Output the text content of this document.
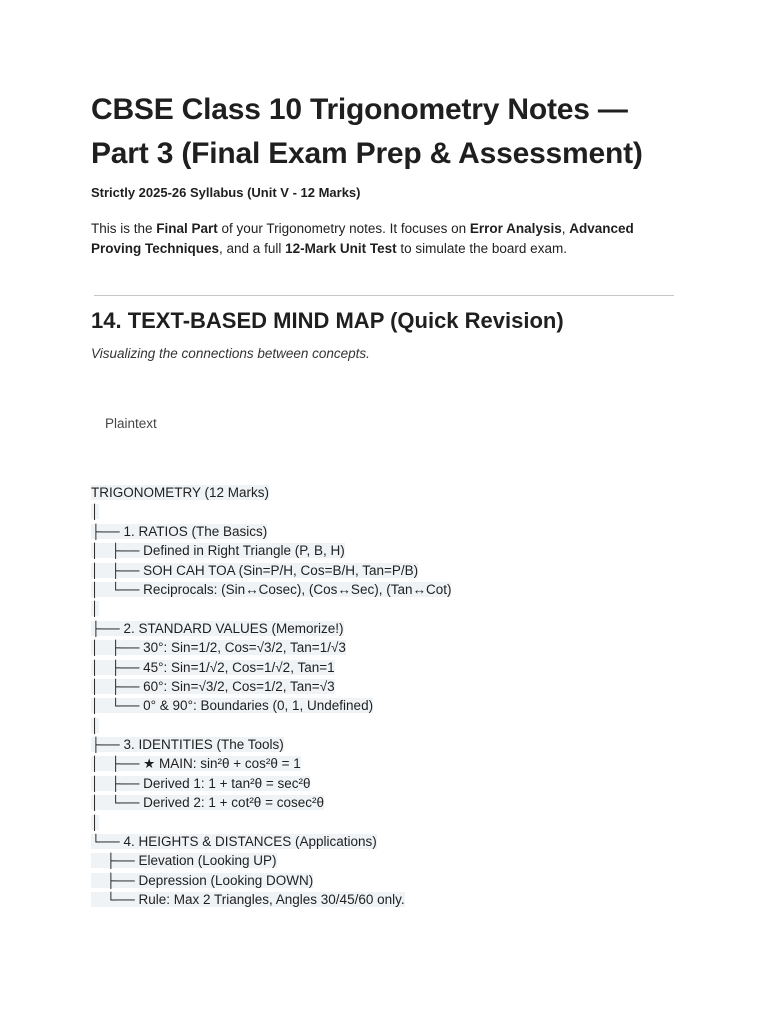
CBSE Class 10 Trigonometry Notes — Part 3 (Final Exam Prep & Assessment)

Strictly 2025-26 Syllabus (Unit V - 12 Marks)

This is the Final Part of your Trigonometry notes. It focuses on Error Analysis, Advanced Proving Techniques, and a full 12-Mark Unit Test to simulate the board exam.

14. TEXT-BASED MIND MAP (Quick Revision)

Visualizing the connections between concepts.

Plaintext
TRIGONOMETRY (12 Marks)
│
├── 1. RATIOS (The Basics)
│   ├── Defined in Right Triangle (P, B, H)
│   ├── SOH CAH TOA (Sin=P/H, Cos=B/H, Tan=P/B)
│   └── Reciprocals: (Sin↔Cosec), (Cos↔Sec), (Tan↔Cot)
│
├── 2. STANDARD VALUES (Memorize!)
│   ├── 30°: Sin=1/2, Cos=√3/2, Tan=1/√3
│   ├── 45°: Sin=1/√2, Cos=1/√2, Tan=1
│   ├── 60°: Sin=√3/2, Cos=1/2, Tan=√3
│   └── 0° & 90°: Boundaries (0, 1, Undefined)
│
├── 3. IDENTITIES (The Tools)
│   ├── ★ MAIN: sin²θ + cos²θ = 1
│   ├── Derived 1: 1 + tan²θ = sec²θ
│   └── Derived 2: 1 + cot²θ = cosec²θ
│
└── 4. HEIGHTS & DISTANCES (Applications)
├── Elevation (Looking UP)
├── Depression (Looking DOWN)
└── Rule: Max 2 Triangles, Angles 30/45/60 only.
